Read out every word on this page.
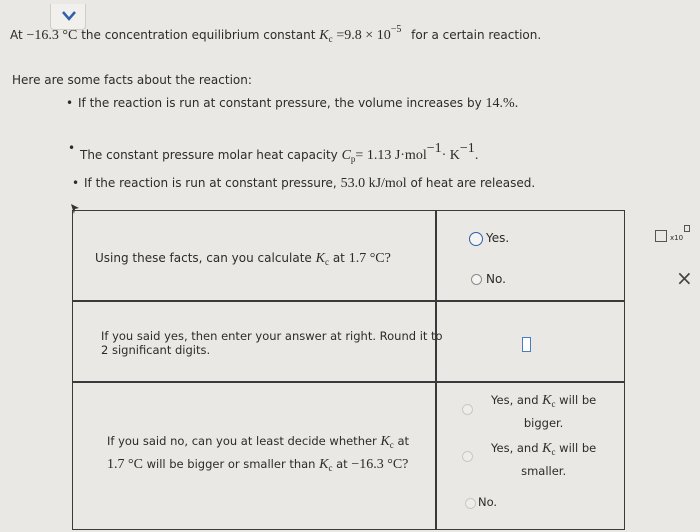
At −16.3 °C the concentration equilibrium constant $K_c =9.8 \times 10^{-5}$ for a certain reaction.
Here are some facts about the reaction:
• If the reaction is run at constant pressure, the volume increases by 14.%.
• The constant pressure molar heat capacity $C_p= 1.13$ $J\cdot mol^{-1}\cdot K^{-1}$.
• If the reaction is run at constant pressure, 53.0 kJ/mol of heat are released.
Using these facts, can you calculate $K_c$ at 1.7 °C?
Yes.
No.
If you said yes, then enter your answer at right. Round it to
2 significant digits.
If you said no, can you at least decide whether $K_c$ at
1.7 °C will be bigger or smaller than $K_c$ at −16.3 °C?
Yes, and $K_c$ will be
bigger.
Yes, and $K_c$ will be
smaller.
No.
x10
×
